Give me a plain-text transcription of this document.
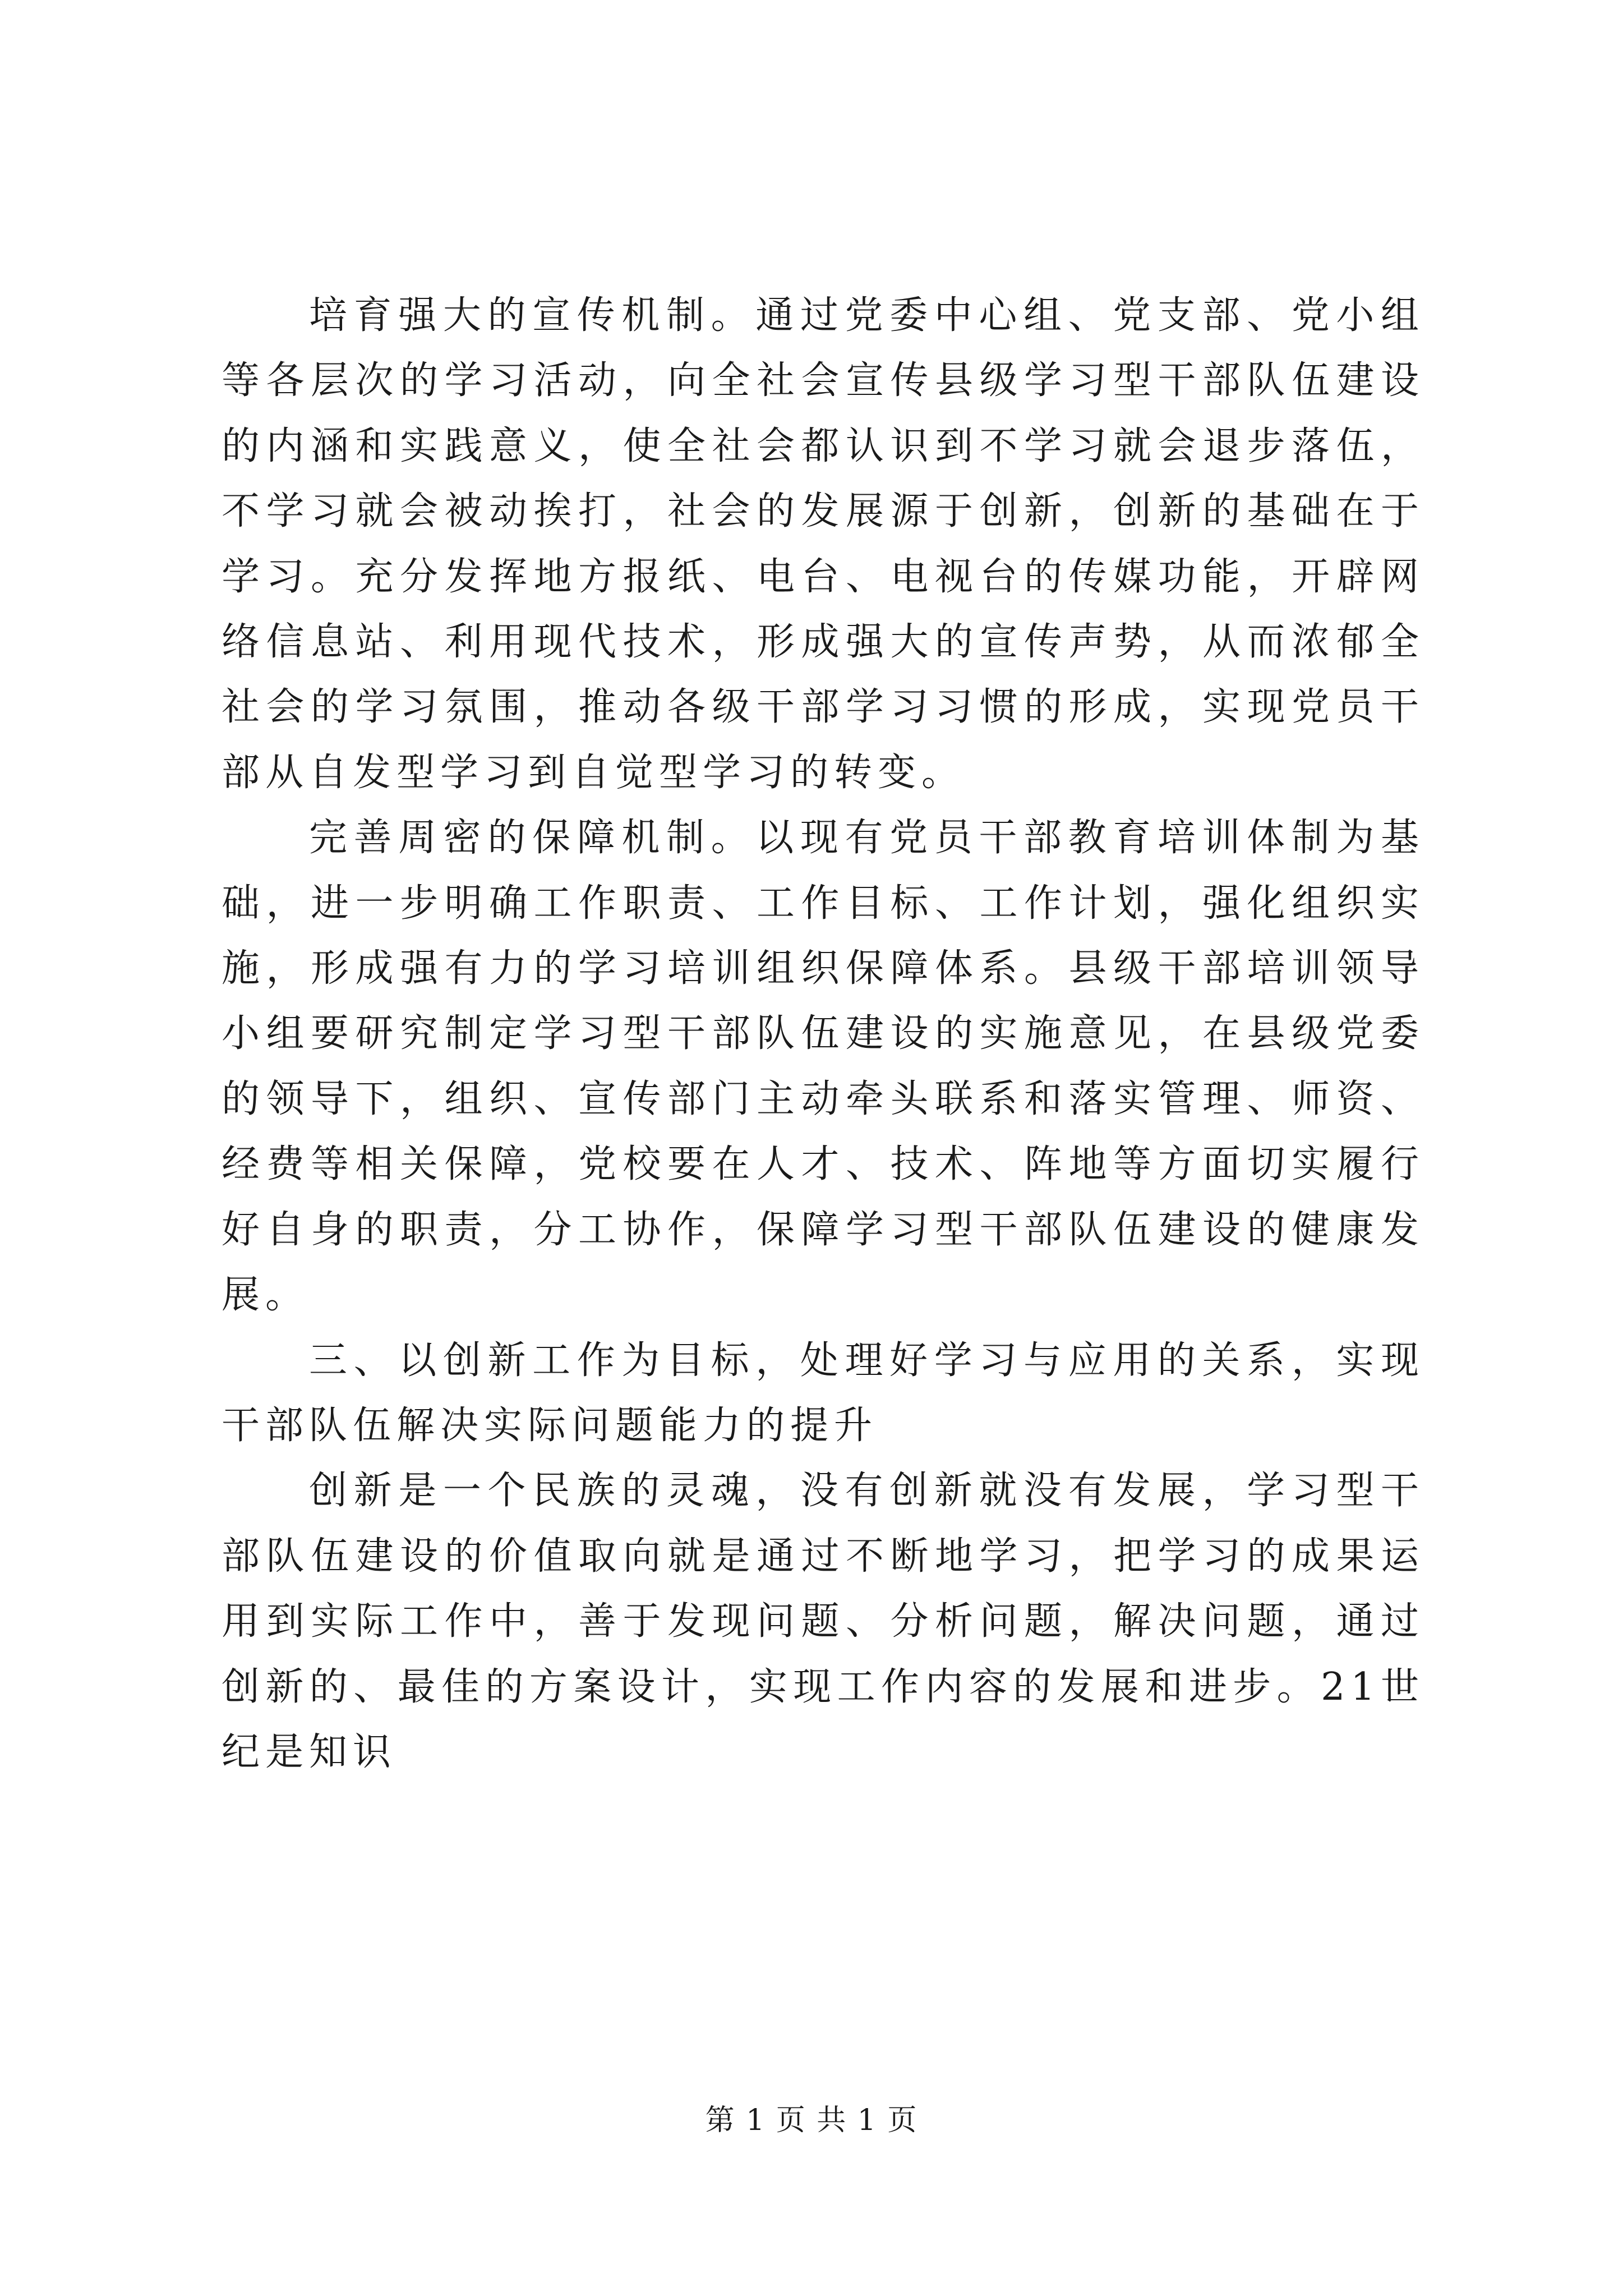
培育强大的宣传机制。通过党委中心组、党支部、党小组等各层次的学习活动，向全社会宣传县级学习型干部队伍建设的内涵和实践意义，使全社会都认识到不学习就会退步落伍，不学习就会被动挨打，社会的发展源于创新，创新的基础在于学习。充分发挥地方报纸、电台、电视台的传媒功能，开辟网络信息站、利用现代技术，形成强大的宣传声势，从而浓郁全社会的学习氛围，推动各级干部学习习惯的形成，实现党员干部从自发型学习到自觉型学习的转变。

完善周密的保障机制。以现有党员干部教育培训体制为基础，进一步明确工作职责、工作目标、工作计划，强化组织实施，形成强有力的学习培训组织保障体系。县级干部培训领导小组要研究制定学习型干部队伍建设的实施意见，在县级党委的领导下，组织、宣传部门主动牵头联系和落实管理、师资、经费等相关保障，党校要在人才、技术、阵地等方面切实履行好自身的职责，分工协作，保障学习型干部队伍建设的健康发展。

三、以创新工作为目标，处理好学习与应用的关系，实现干部队伍解决实际问题能力的提升

创新是一个民族的灵魂，没有创新就没有发展，学习型干部队伍建设的价值取向就是通过不断地学习，把学习的成果运用到实际工作中，善于发现问题、分析问题，解决问题，通过创新的、最佳的方案设计，实现工作内容的发展和进步。21世纪是知识

第 1 页 共 1 页
